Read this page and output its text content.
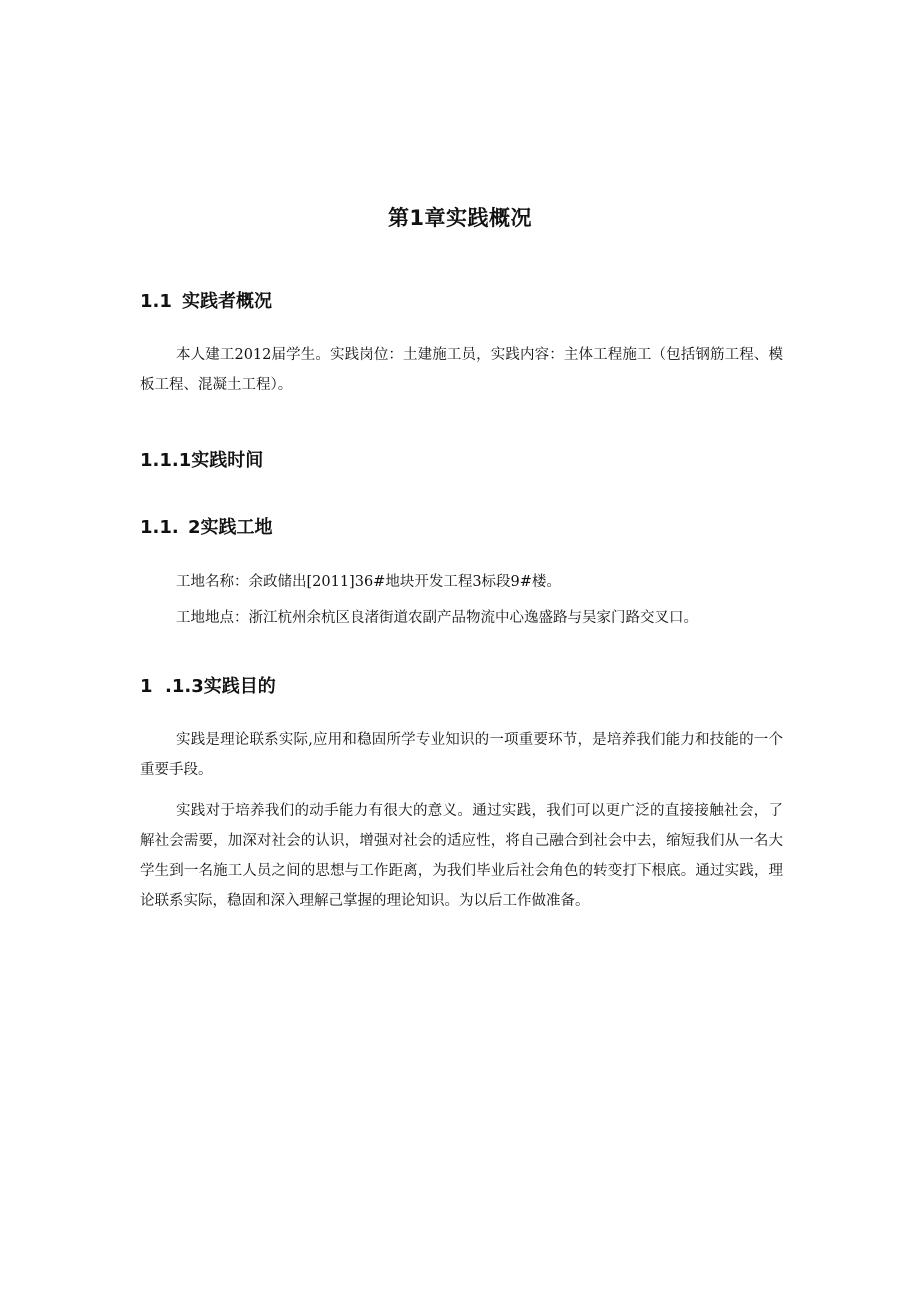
第1章实践概况
1.1 实践者概况

本人建工2012届学生。实践岗位：土建施工员，实践内容：主体工程施工（包括钢筋工程、模板工程、混凝土工程）。

1.1.1实践时间
1.1. 2实践工地

工地名称：余政储出[2011]36#地块开发工程3标段9#楼。

工地地点：浙江杭州余杭区良渚街道农副产品物流中心逸盛路与吴家门路交叉口。

1  .1.3实践目的

实践是理论联系实际,应用和稳固所学专业知识的一项重要环节，是培养我们能力和技能的一个重要手段。

实践对于培养我们的动手能力有很大的意义。通过实践，我们可以更广泛的直接接触社会，了解社会需要，加深对社会的认识，增强对社会的适应性，将自己融合到社会中去，缩短我们从一名大学生到一名施工人员之间的思想与工作距离，为我们毕业后社会角色的转变打下根底。通过实践，理论联系实际，稳固和深入理解己掌握的理论知识。为以后工作做准备。
